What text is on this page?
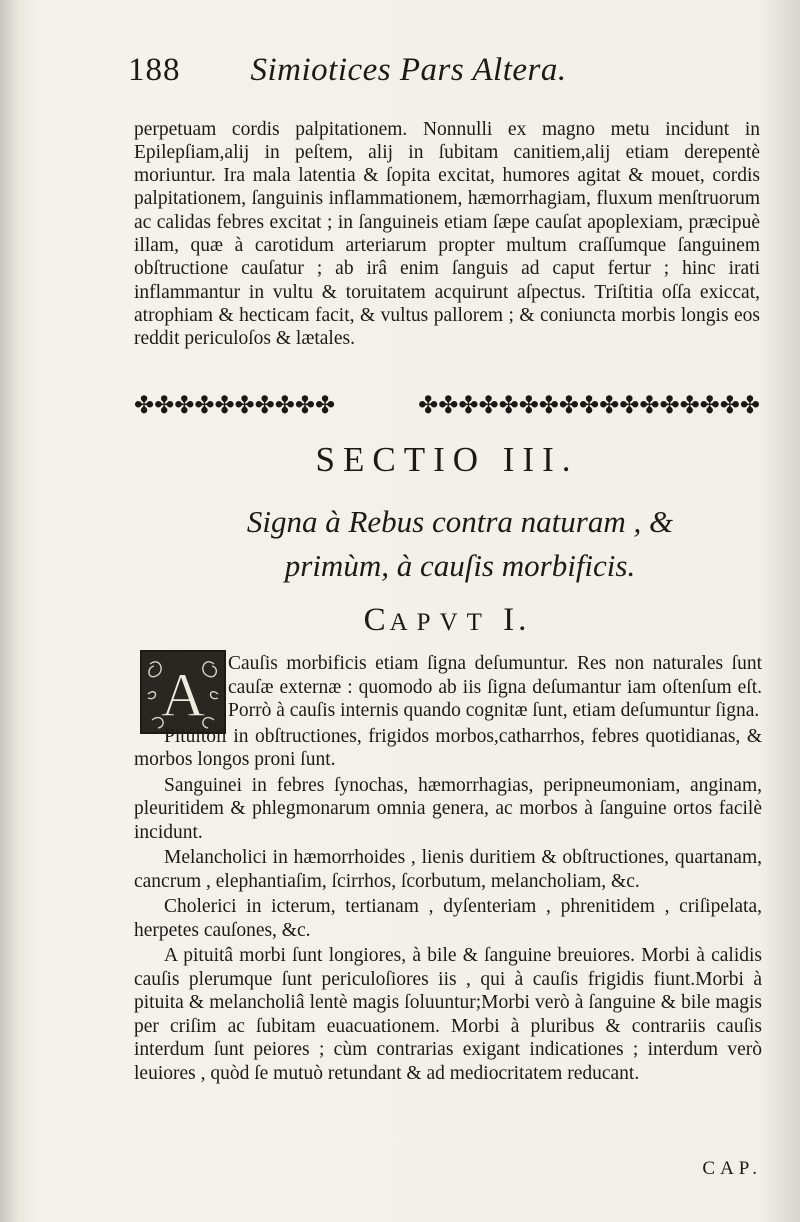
188 Simiotices Pars Altera.

perpetuam cordis palpitationem. Nonnulli ex magno metu incidunt in Epilepſiam,alij in peſtem, alij in ſubitam canitiem,alij etiam derepentè moriuntur. Ira mala latentia & ſopita excitat, humores agitat & mouet, cordis palpitationem, ſanguinis inflammationem, hæmorrhagiam, fluxum menſtruorum ac calidas febres excitat ; in ſanguineis etiam ſæpe cauſat apoplexiam, præcipuè illam, quæ à carotidum arteriarum propter multum craſſumque ſanguinem obſtructione cauſatur ; ab irâ enim ſanguis ad caput fertur ; hinc irati inflammantur in vultu & toruitatem acquirunt aſpectus. Triſtitia oſſa exiccat, atrophiam & hecticam facit, & vultus pallorem ; & coniuncta morbis longis eos reddit periculoſos & lætales.

✤ ✤ ✤ ✤ ✤ ✤ ✤ ✤ ✤ ✤	✤ ✤ ✤ ✤ ✤ ✤ ✤ ✤ ✤ ✤ ✤ ✤ ✤ ✤ ✤ ✤ ✤
SECTIO III.
Signa à Rebus contra naturam , &
primùm, à cauſis morbificis.
CAPVT I.
A	Cauſis morbificis etiam ſigna deſumuntur. Res non naturales ſunt cauſæ externæ : quomodo ab iis ſigna deſumantur iam oſtenſum eſt. Porrò à cauſis internis quando cognitæ ſunt, etiam deſumuntur ſigna.

Pituitoſi in obſtructiones, frigidos morbos,catharrhos, febres quotidianas, & morbos longos proni ſunt.

Sanguinei in febres ſynochas, hæmorrhagias, peripneumoniam, anginam, pleuritidem & phlegmonarum omnia genera, ac morbos à ſanguine ortos facilè incidunt.

Melancholici in hæmorrhoides , lienis duritiem & obſtructiones, quartanam, cancrum , elephantiaſim, ſcirrhos, ſcorbutum, melancholiam, &c.

Cholerici in icterum, tertianam , dyſenteriam , phrenitidem , criſipelata, herpetes cauſones, &c.

A pituitâ morbi ſunt longiores, à bile & ſanguine breuiores. Morbi à calidis cauſis plerumque ſunt periculoſiores iis , qui à cauſis frigidis fiunt.Morbi à pituita & melancholiâ lentè magis ſoluuntur;Morbi verò à ſanguine & bile magis per criſim ac ſubitam euacuationem. Morbi à pluribus & contrariis cauſis interdum ſunt peiores ; cùm contrarias exigant indicationes ; interdum verò leuiores , quòd ſe mutuò retundant & ad mediocritatem reducant.

CAP.
